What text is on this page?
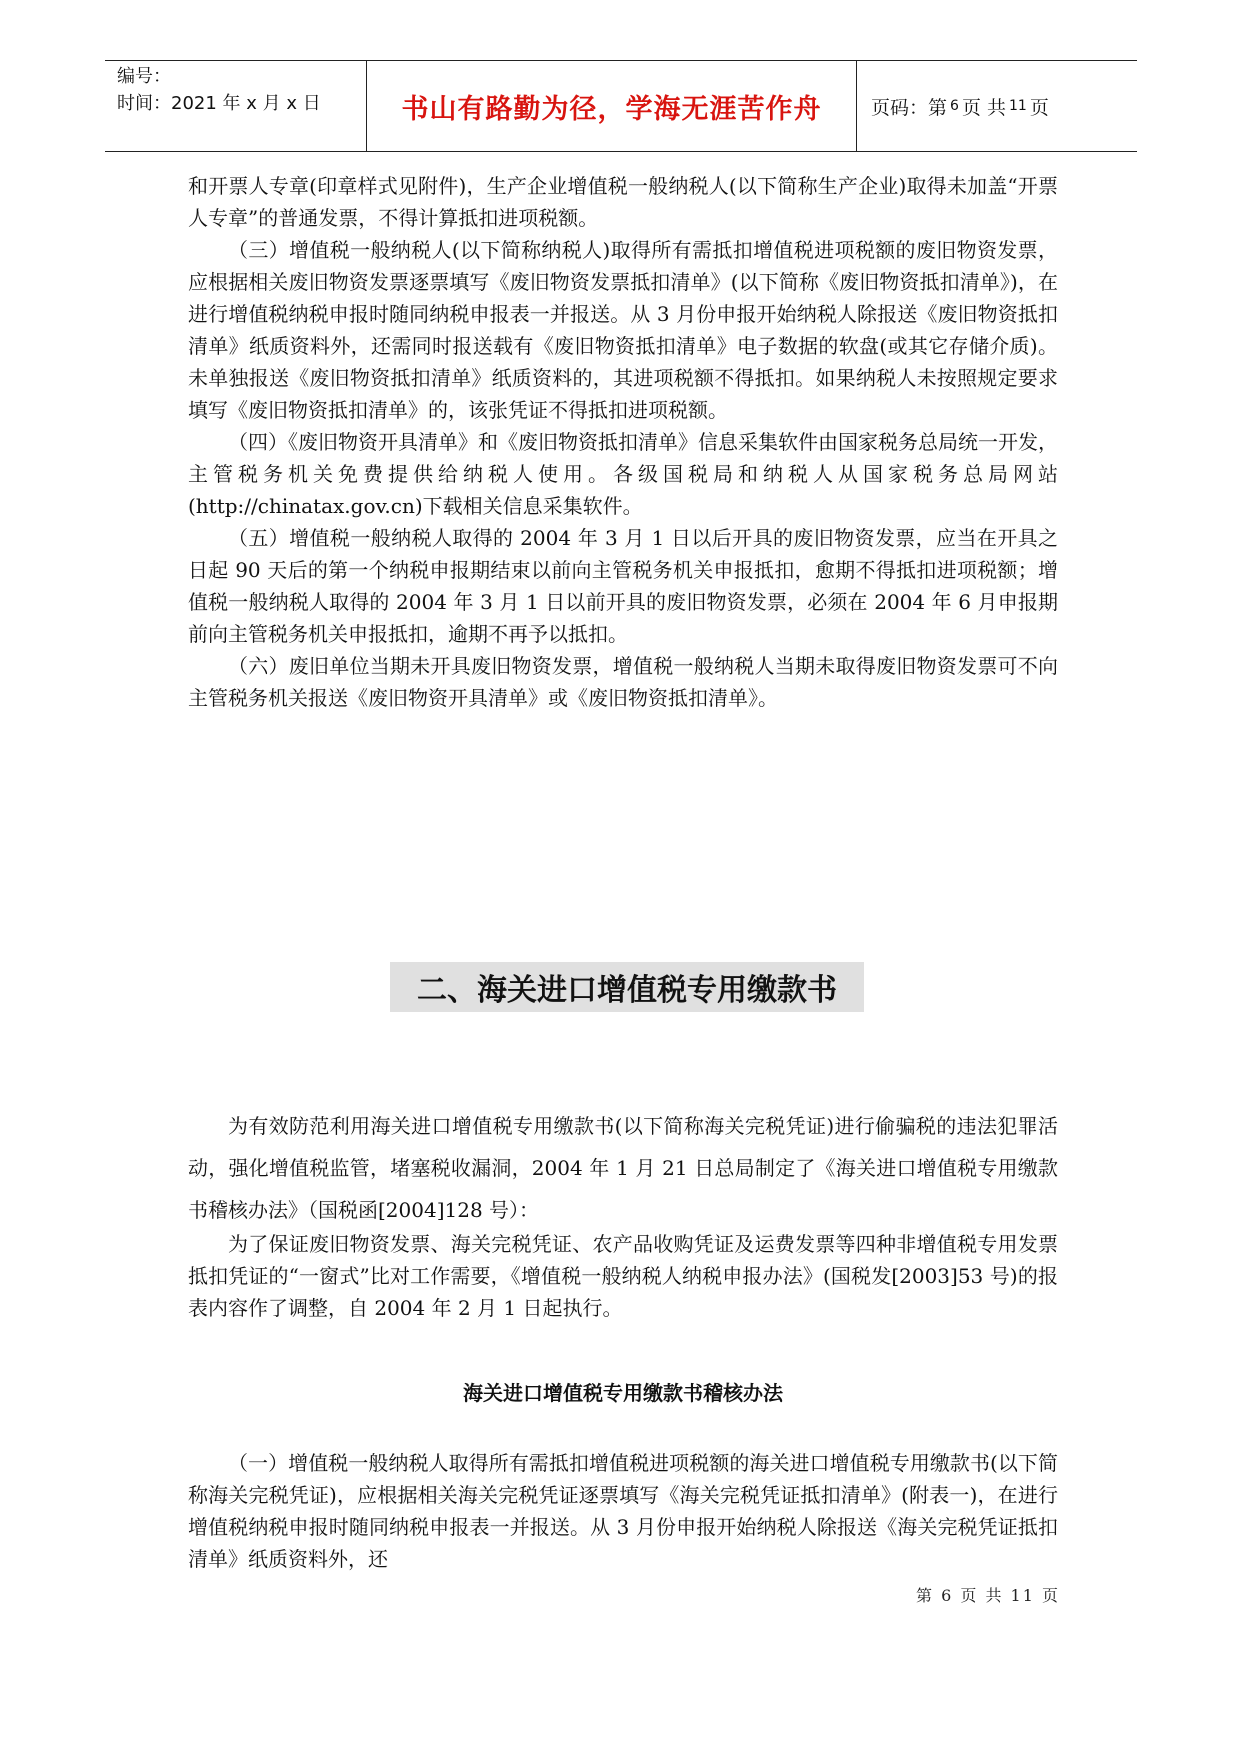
编号：
时间：2021 年 x 月 x 日	书山有路勤为径，学海无涯苦作舟	页码：第 6 页 共 11 页

和开票人专章(印章样式见附件)，生产企业增值税一般纳税人(以下简称生产企业)取得未加盖“开票人专章”的普通发票，不得计算抵扣进项税额。

（三）增值税一般纳税人(以下简称纳税人)取得所有需抵扣增值税进项税额的废旧物资发票，应根据相关废旧物资发票逐票填写《废旧物资发票抵扣清单》(以下简称《废旧物资抵扣清单》)，在进行增值税纳税申报时随同纳税申报表一并报送。从 3 月份申报开始纳税人除报送《废旧物资抵扣清单》纸质资料外，还需同时报送载有《废旧物资抵扣清单》电子数据的软盘(或其它存储介质)。未单独报送《废旧物资抵扣清单》纸质资料的，其进项税额不得抵扣。如果纳税人未按照规定要求填写《废旧物资抵扣清单》的，该张凭证不得抵扣进项税额。

（四）《废旧物资开具清单》和《废旧物资抵扣清单》信息采集软件由国家税务总局统一开发，主管税务机关免费提供给纳税人使用。各级国税局和纳税人从国家税务总局网站(http://chinatax.gov.cn)下载相关信息采集软件。

（五）增值税一般纳税人取得的 2004 年 3 月 1 日以后开具的废旧物资发票，应当在开具之日起 90 天后的第一个纳税申报期结束以前向主管税务机关申报抵扣，愈期不得抵扣进项税额；增值税一般纳税人取得的 2004 年 3 月 1 日以前开具的废旧物资发票，必须在 2004 年 6 月申报期前向主管税务机关申报抵扣，逾期不再予以抵扣。

（六）废旧单位当期未开具废旧物资发票，增值税一般纳税人当期未取得废旧物资发票可不向主管税务机关报送《废旧物资开具清单》或《废旧物资抵扣清单》。

二、海关进口增值税专用缴款书

为有效防范利用海关进口增值税专用缴款书(以下简称海关完税凭证)进行偷骗税的违法犯罪活动，强化增值税监管，堵塞税收漏洞，2004 年 1 月 21 日总局制定了《海关进口增值税专用缴款书稽核办法》（国税函[2004]128 号）：

为了保证废旧物资发票、海关完税凭证、农产品收购凭证及运费发票等四种非增值税专用发票抵扣凭证的“一窗式”比对工作需要，《增值税一般纳税人纳税申报办法》(国税发[2003]53 号)的报表内容作了调整，自 2004 年 2 月 1 日起执行。

海关进口增值税专用缴款书稽核办法

（一）增值税一般纳税人取得所有需抵扣增值税进项税额的海关进口增值税专用缴款书(以下简称海关完税凭证)，应根据相关海关完税凭证逐票填写《海关完税凭证抵扣清单》(附表一)，在进行增值税纳税申报时随同纳税申报表一并报送。从 3 月份申报开始纳税人除报送《海关完税凭证抵扣清单》纸质资料外，还

第 6 页 共 11 页
